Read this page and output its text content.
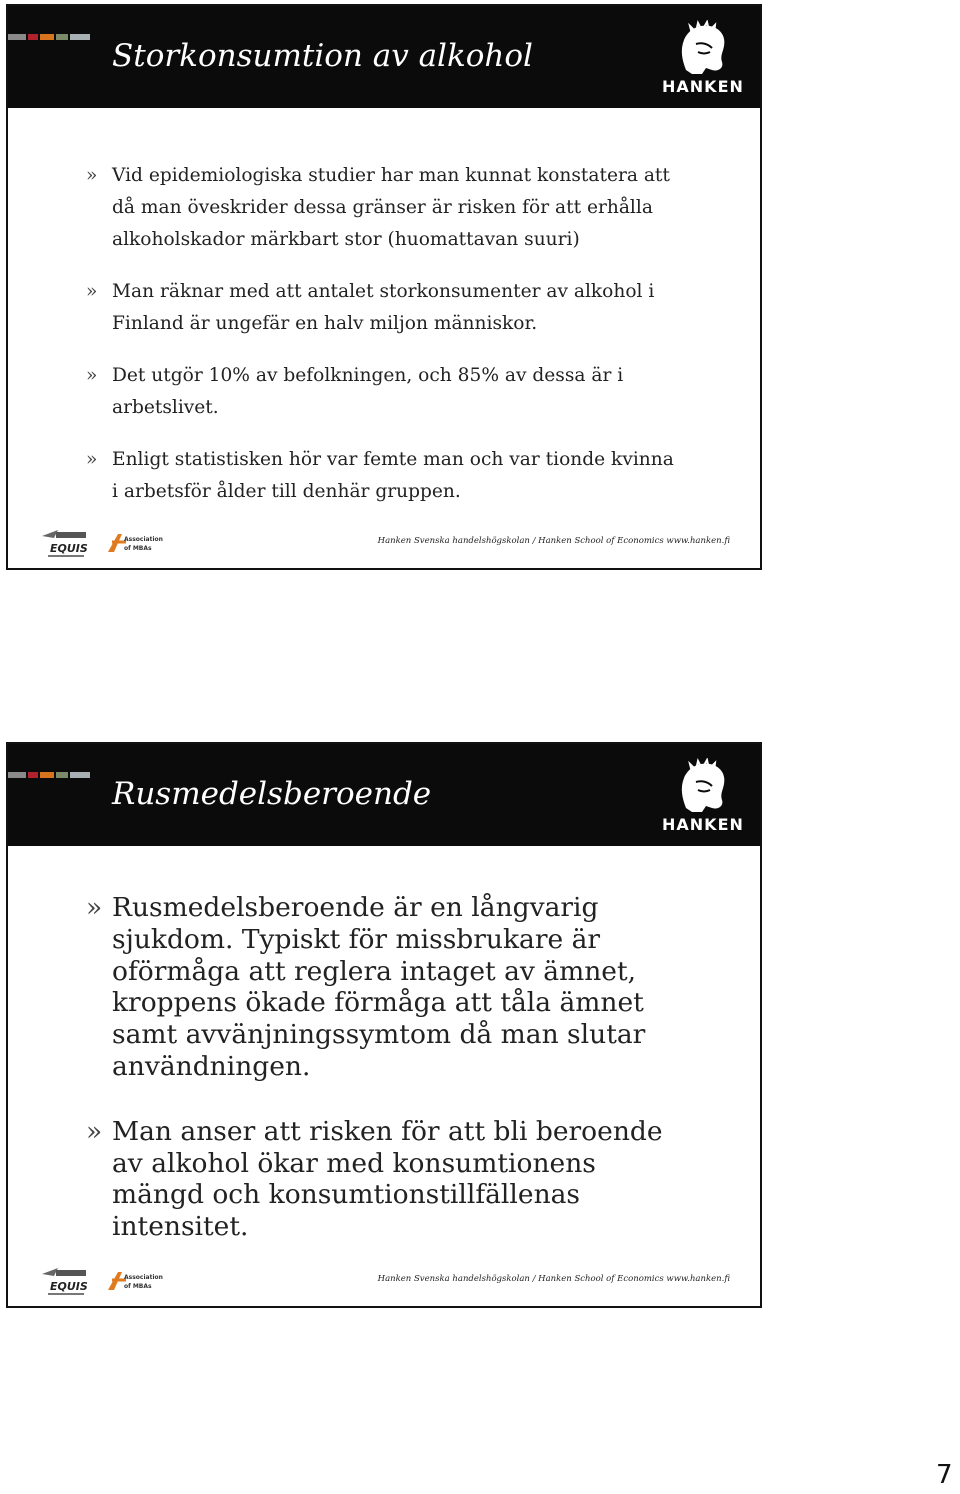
Storkonsumtion av alkohol
HANKEN
» Vid epidemiologiska studier har man kunnat konstatera att
då man öveskrider dessa gränser är risken för att erhålla
alkoholskador märkbart stor (huomattavan suuri)
» Man räknar med att antalet storkonsumenter av alkohol i
Finland är ungefär en halv miljon människor.
» Det utgör 10% av befolkningen, och 85% av dessa är i
arbetslivet.
» Enligt statistisken hör var femte man och var tionde kvinna
i arbetsför ålder till denhär gruppen.
EQUIS
Association
of MBAs
Hanken Svenska handelshögskolan / Hanken School of Economics www.hanken.fi
Rusmedelsberoende
HANKEN
» Rusmedelsberoende är en långvarig
sjukdom. Typiskt för missbrukare är
oförmåga att reglera intaget av ämnet,
kroppens ökade förmåga att tåla ämnet
samt avvänjningssymtom då man slutar
användningen.
» Man anser att risken för att bli beroende
av alkohol ökar med konsumtionens
mängd och konsumtionstillfällenas
intensitet.
EQUIS
Association
of MBAs
Hanken Svenska handelshögskolan / Hanken School of Economics www.hanken.fi
7
